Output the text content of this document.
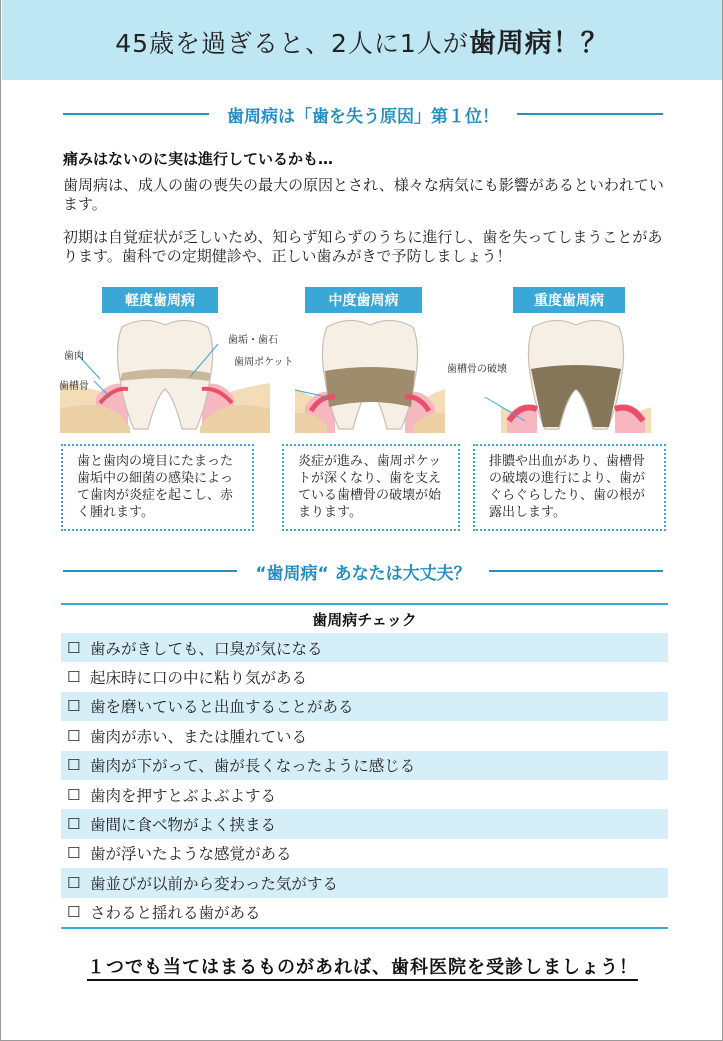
45歳を過ぎると、2人に1人が歯周病！？
歯周病は「歯を失う原因」第１位！
痛みはないのに実は進行しているかも…

歯周病は、成人の歯の喪失の最大の原因とされ、様々な病気にも影響があるといわれています。

初期は自覚症状が乏しいため、知らず知らずのうちに進行し、歯を失ってしまうことがあります。歯科での定期健診や、正しい歯みがきで予防しましょう！

軽度歯周病
歯と歯肉の境目にたまった歯垢中の細菌の感染によって歯肉が炎症を起こし、赤く腫れます。
歯垢・歯石
歯肉
歯槽骨
中度歯周病
炎症が進み、歯周ポケットが深くなり、歯を支えている歯槽骨の破壊が始まります。
歯周ポケット
重度歯周病
排膿や出血があり、歯槽骨の破壊の進行により、歯がぐらぐらしたり、歯の根が露出します。
歯槽骨の破壊
“歯周病“ あなたは大丈夫？
歯周病チェック
☐ 歯みがきしても、口臭が気になる
☐ 起床時に口の中に粘り気がある
☐ 歯を磨いていると出血することがある
☐ 歯肉が赤い、または腫れている
☐ 歯肉が下がって、歯が長くなったように感じる
☐ 歯肉を押すとぶよぶよする
☐ 歯間に食べ物がよく挟まる
☐ 歯が浮いたような感覚がある
☐ 歯並びが以前から変わった気がする
☐ さわると揺れる歯がある
１つでも当てはまるものがあれば、歯科医院を受診しましょう！
